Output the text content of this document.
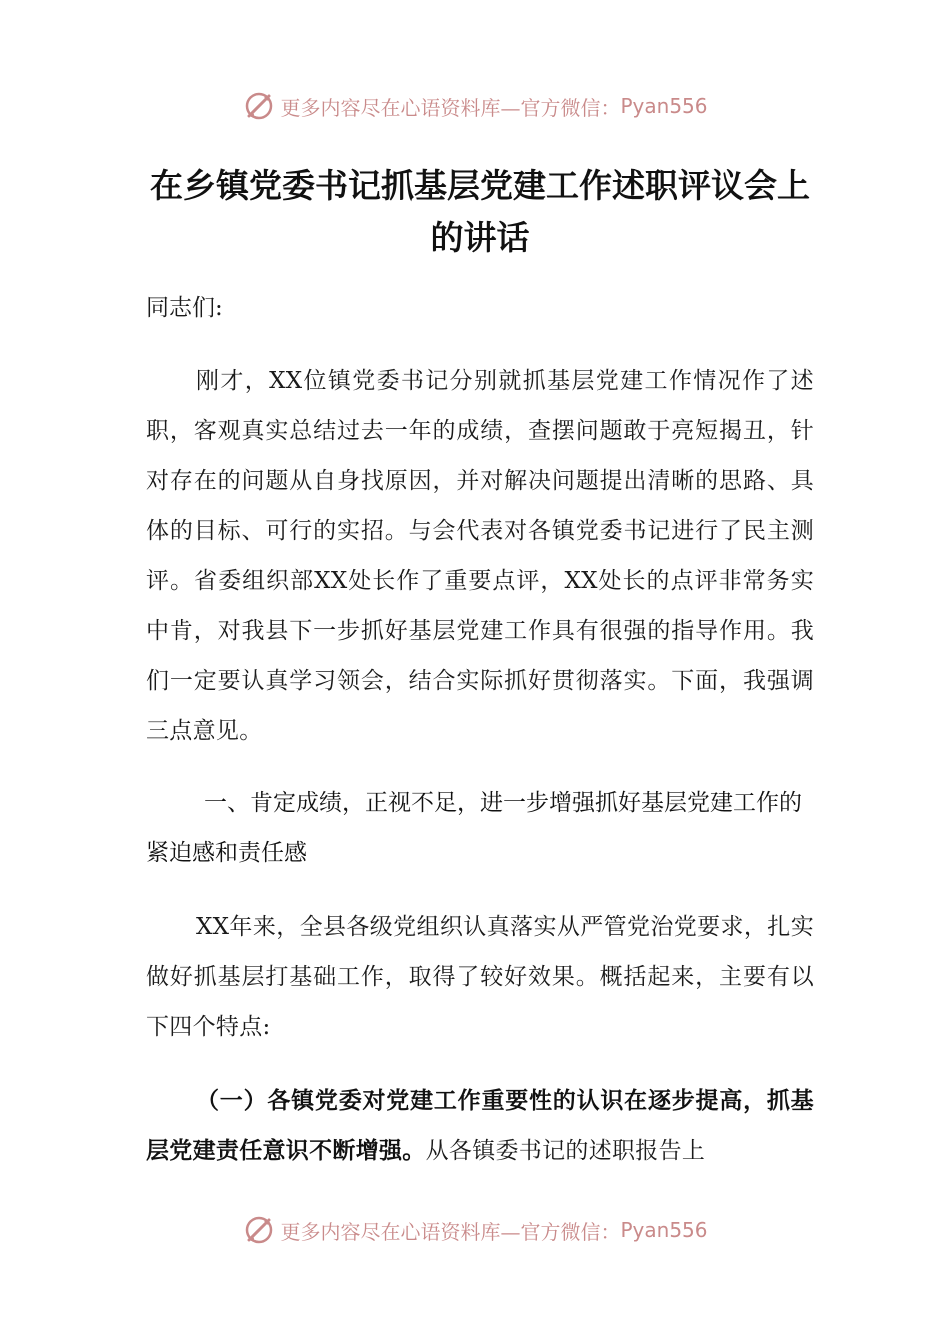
更多内容尽在心语资料库—官方微信： Pyan556
在乡镇党委书记抓基层党建工作述职评议会上的讲话

同志们:

刚才，XX位镇党委书记分别就抓基层党建工作情况作了述职，客观真实总结过去一年的成绩，查摆问题敢于亮短揭丑，针对存在的问题从自身找原因，并对解决问题提出清晰的思路、具体的目标、可行的实招。与会代表对各镇党委书记进行了民主测评。省委组织部XX处长作了重要点评，XX处长的点评非常务实中肯，对我县下一步抓好基层党建工作具有很强的指导作用。我们一定要认真学习领会，结合实际抓好贯彻落实。下面，我强调三点意见。

一、肯定成绩，正视不足，进一步增强抓好基层党建工作的紧迫感和责任感

XX年来，全县各级党组织认真落实从严管党治党要求，扎实做好抓基层打基础工作，取得了较好效果。概括起来，主要有以下四个特点:

（一）各镇党委对党建工作重要性的认识在逐步提高，抓基层党建责任意识不断增强。从各镇委书记的述职报告上

更多内容尽在心语资料库—官方微信： Pyan556
